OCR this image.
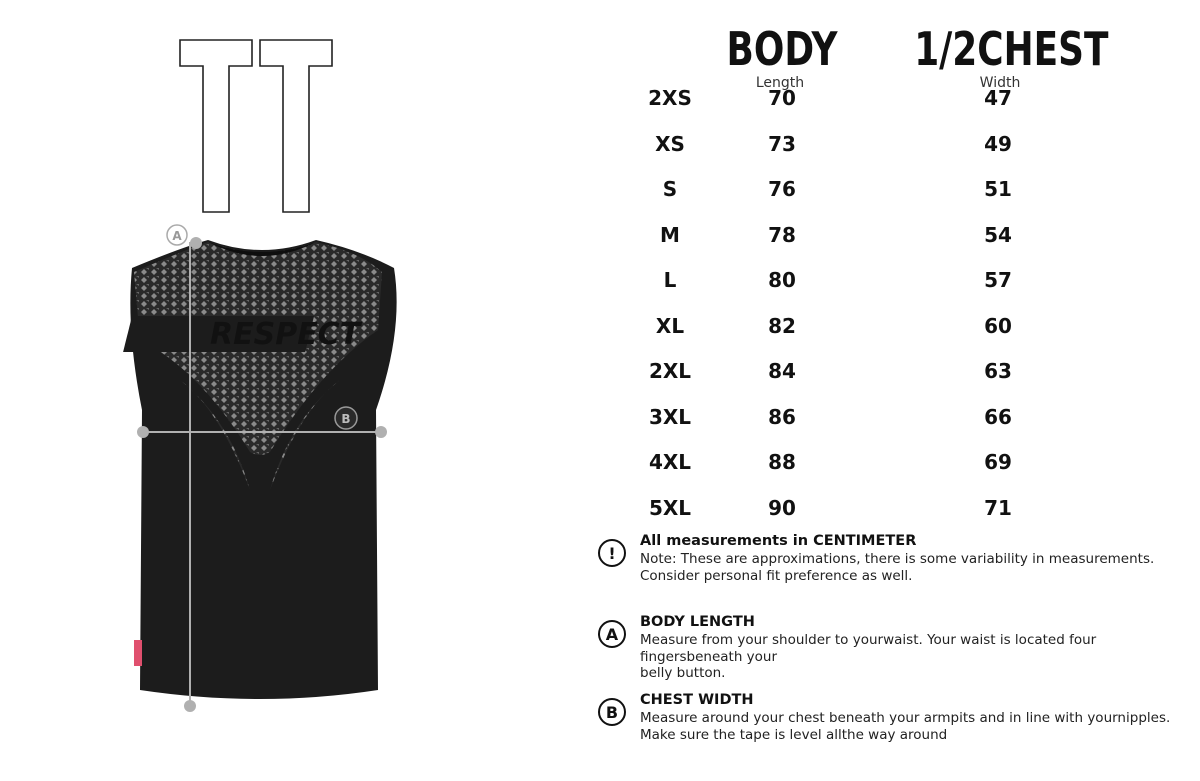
RESPECT
A
B
BODY
Length
1/2CHEST
Width
2XS	70	47
XS	73	49
S	76	51
M	78	54
L	80	57
XL	82	60
2XL	84	63
3XL	86	66
4XL	88	69
5XL	90	71
!
All measurements in CENTIMETER
Note: These are approximations, there is some variability in measurements.
Consider personal fit preference as well.
A
BODY LENGTH
Measure from your shoulder to yourwaist. Your waist is located four fingersbeneath your
belly button.
B
CHEST WIDTH
Measure around your chest beneath your armpits and in line with yournipples.
Make sure the tape is level allthe way around
